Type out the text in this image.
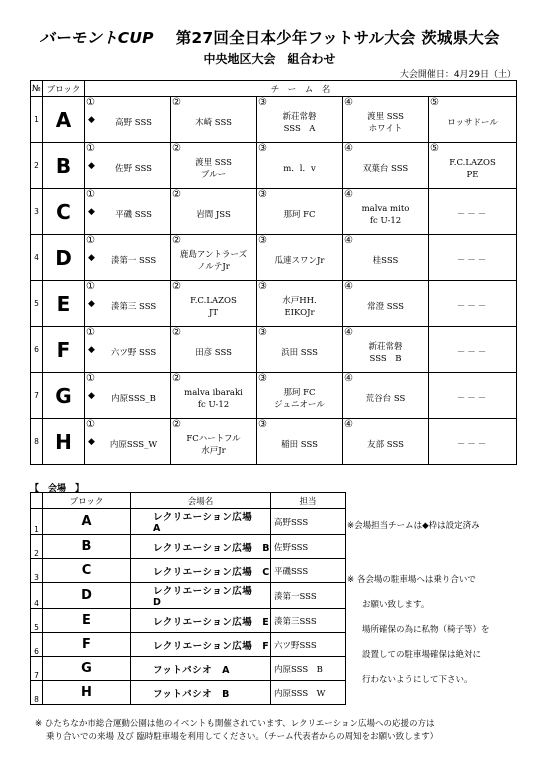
バーモントCUP 第27回全日本少年フットサル大会 茨城県大会
中央地区大会　組合わせ
大会開催日：4月29日（土）
№	ブロック	チ　ー　ム　名				
1	A	①
◆ 高野 SSS	②
木崎 SSS	③
新荘常磐
SSS　A	④
渡里 SSS
ホワイト	⑤
ロッサドール

2	B	①
◆ 佐野 SSS	②
渡里 SSS
ブルー	③
m．l．v	④
双葉台 SSS	⑤
F.C.LAZOS
PE

3	C	①
◆ 平磯 SSS	②
岩間 JSS	③
那珂 FC	④
malva mito
fc U-12	－－－

4	D	①
◆ 湊第一 SSS	②
鹿島アントラーズ
ノルテJr	③
瓜連スワンJr	④
桂SSS	－－－

5	E	①
◆ 湊第三 SSS	②
F.C.LAZOS
JT	③
水戸HH.
EIKOJr	④
常澄 SSS	－－－

6	F	①
◆ 六ツ野 SSS	②
田彦 SSS	③
浜田 SSS	④
新荘常磐
SSS　B	－－－

7	G	①
◆ 内原SSS_B	②
malva ibaraki
fc U-12	③
那珂 FC
ジュニオール	④
荒谷台 SS	－－－

8	H	①
◆ 内原SSS_W	②
FCハートフル
水戸Jr	③
稲田 SSS	④
友部 SSS	－－－
【　会場　】
	ブロック	会場名	担当
1	A	レクリエーション広場　A	高野SSS
2	B	レクリエーション広場　B	佐野SSS
3	C	レクリエーション広場　C	平磯SSS
4	D	レクリエーション広場　D	湊第一SSS
5	E	レクリエーション広場　E	湊第三SSS
6	F	レクリエーション広場　F	六ツ野SSS
7	G	フットパシオ　A	内原SSS　B
8	H	フットパシオ　B	内原SSS　W
※会場担当チームは◆枠は設定済み
※ 各会場の駐車場へは乗り合いで
お願い致します。
場所確保の為に私物（椅子等）を
設置しての駐車場確保は絶対に
行わないようにして下さい。
※ ひたちなか市総合運動公園は他のイベントも開催されています、レクリエーション広場への応援の方は
乗り合いでの来場 及び 臨時駐車場を利用してください。（チーム代表者からの周知をお願い致します）
